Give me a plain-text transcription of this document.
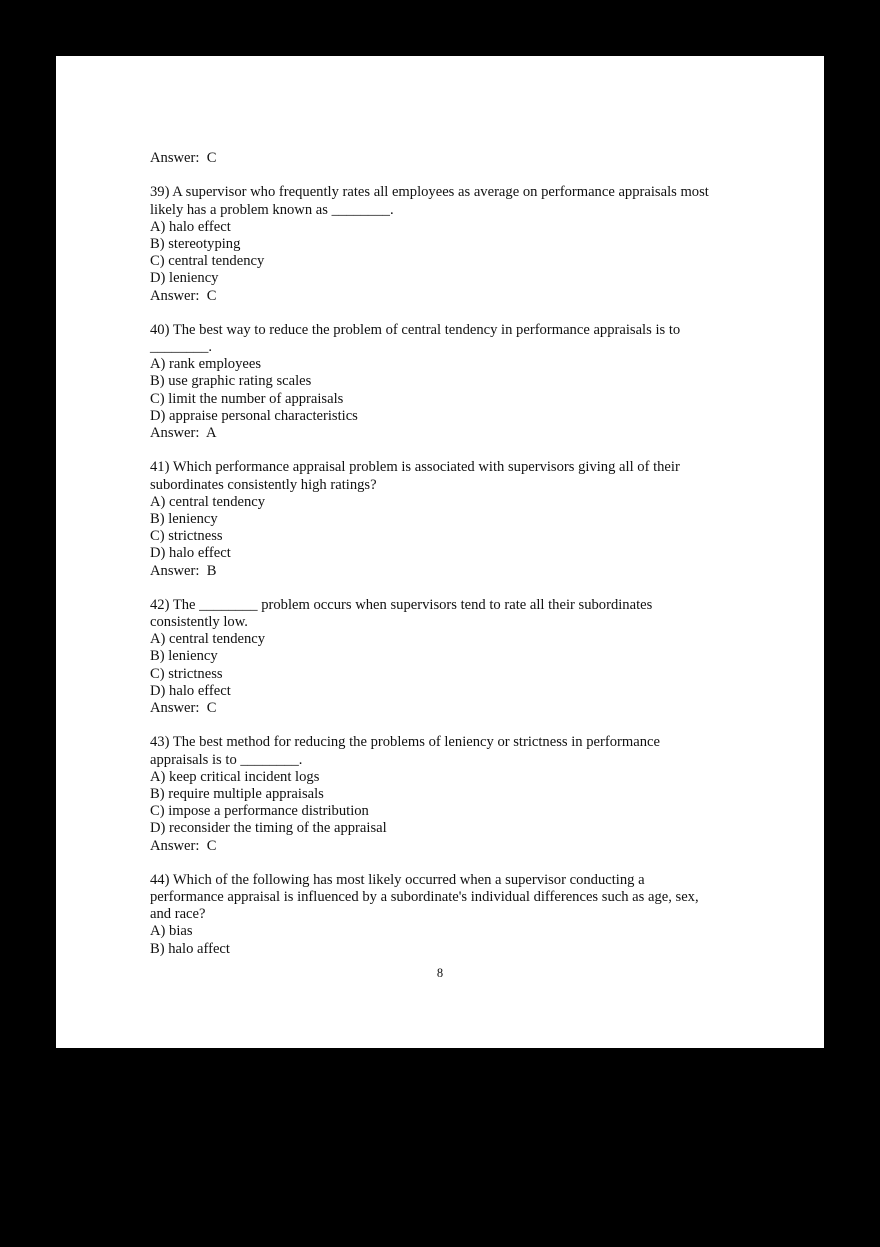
Answer:  C
39) A supervisor who frequently rates all employees as average on performance appraisals most
likely has a problem known as ________.
A) halo effect
B) stereotyping
C) central tendency
D) leniency
Answer:  C
40) The best way to reduce the problem of central tendency in performance appraisals is to
________.
A) rank employees
B) use graphic rating scales
C) limit the number of appraisals
D) appraise personal characteristics
Answer:  A
41) Which performance appraisal problem is associated with supervisors giving all of their
subordinates consistently high ratings?
A) central tendency
B) leniency
C) strictness
D) halo effect
Answer:  B
42) The ________ problem occurs when supervisors tend to rate all their subordinates
consistently low.
A) central tendency
B) leniency
C) strictness
D) halo effect
Answer:  C
43) The best method for reducing the problems of leniency or strictness in performance
appraisals is to ________.
A) keep critical incident logs
B) require multiple appraisals
C) impose a performance distribution
D) reconsider the timing of the appraisal
Answer:  C
44) Which of the following has most likely occurred when a supervisor conducting a
performance appraisal is influenced by a subordinate's individual differences such as age, sex,
and race?
A) bias
B) halo affect
8
